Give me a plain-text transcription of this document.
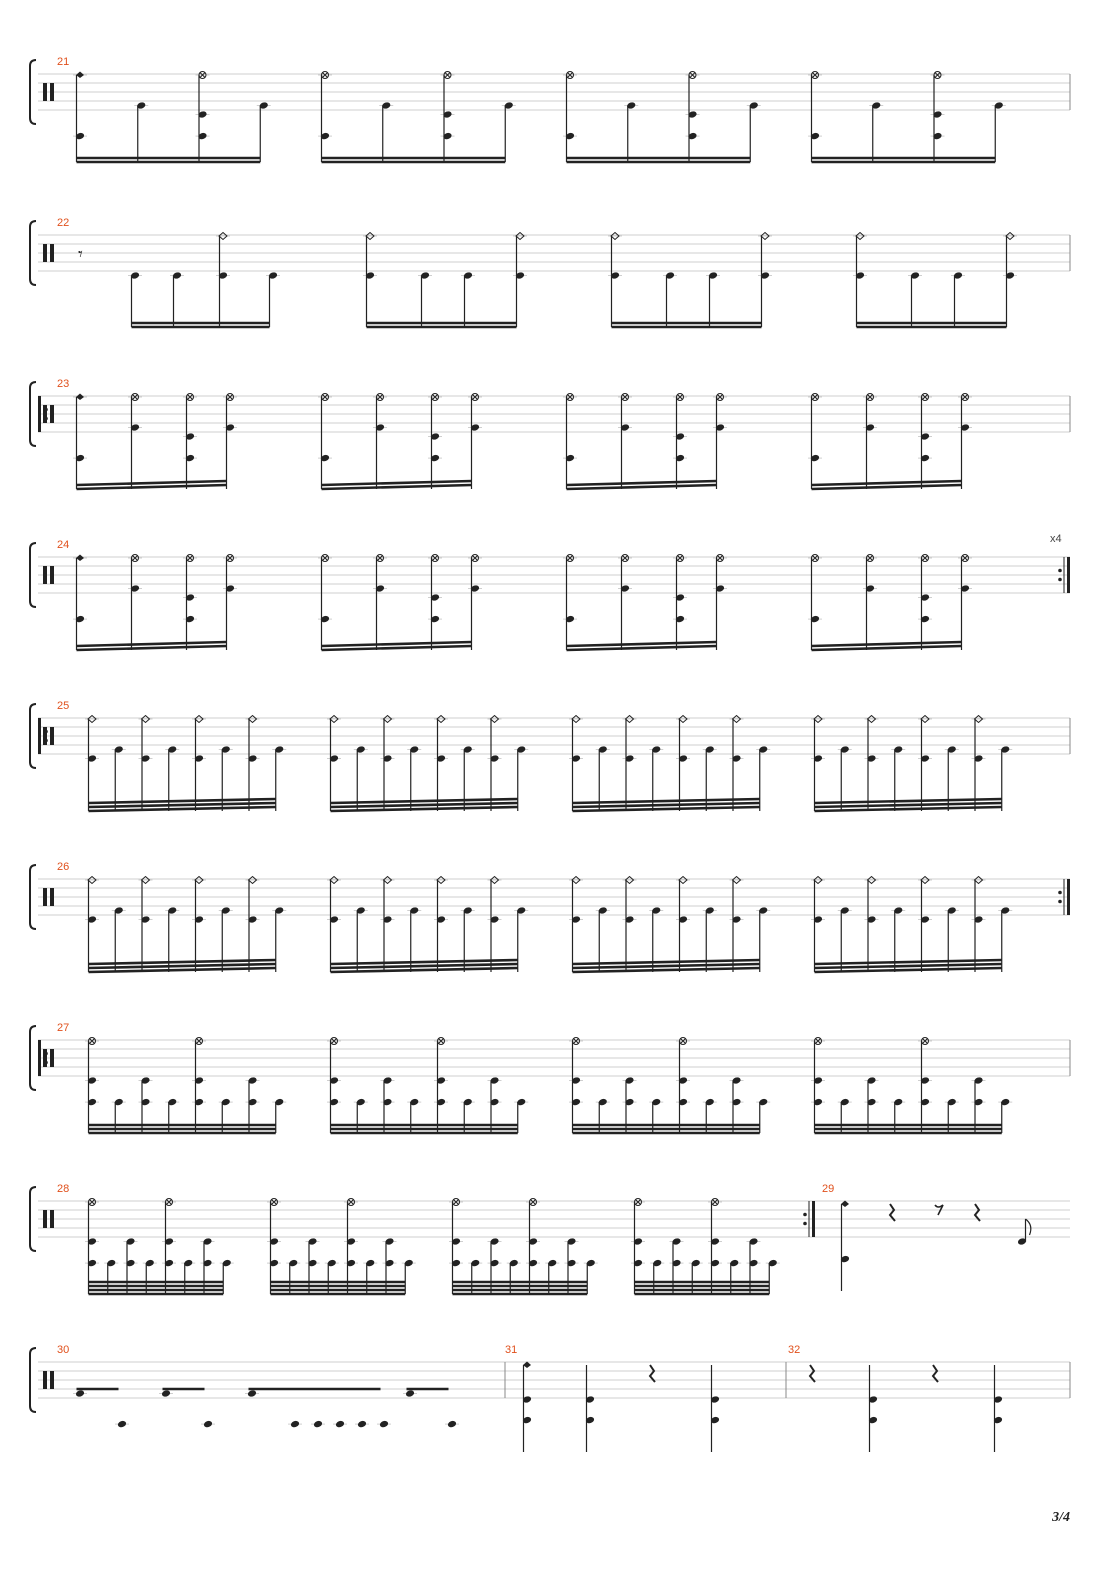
21
22
𝄾
23
24	x4
25
26
27
28	29
30	31	32
3/4
